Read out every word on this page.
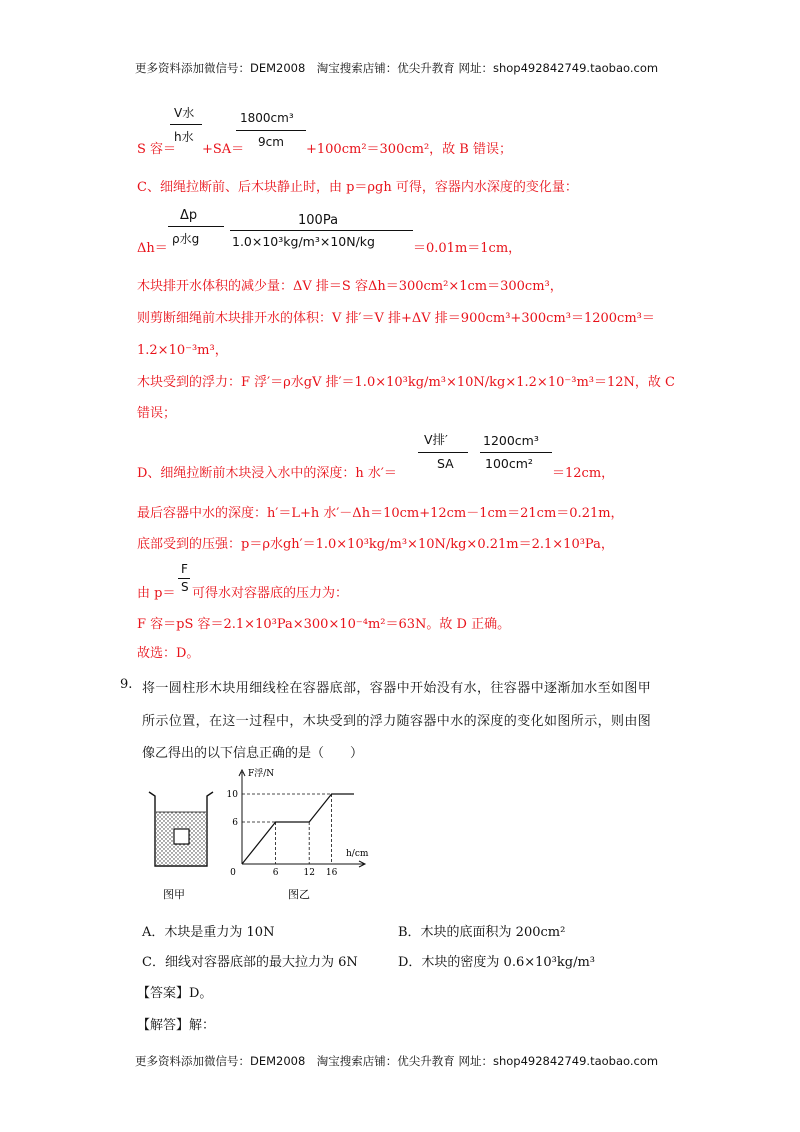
更多资料添加微信号：DEM2008　淘宝搜索店铺：优尖升教育 网址：shop492842749.taobao.com
V水
h水
1800cm³
9cm
S 容＝ +SA＝	+100cm²＝300cm²，故 B 错误；
C、细绳拉断前、后木块静止时，由 p＝ρgh 可得，容器内水深度的变化量：
Δp
ρ水g
100Pa
1.0×10³kg/m³×10N/kg
Δh＝	＝0.01m＝1cm，
木块排开水体积的减少量：ΔV 排＝S 容Δh＝300cm²×1cm＝300cm³，
则剪断细绳前木块排开水的体积：V 排′＝V 排+ΔV 排＝900cm³+300cm³＝1200cm³＝
1.2×10⁻³m³，
木块受到的浮力：F 浮′＝ρ水gV 排′＝1.0×10³kg/m³×10N/kg×1.2×10⁻³m³＝12N，故 C
错误；
V排′
SA
1200cm³
100cm²
D、细绳拉断前木块浸入水中的深度：h 水′＝	＝12cm，
最后容器中水的深度：h′＝L+h 水′－Δh＝10cm+12cm－1cm＝21cm＝0.21m，
底部受到的压强：p＝ρ水gh′＝1.0×10³kg/m³×10N/kg×0.21m＝2.1×10³Pa，
F
由 p＝ S 可得水对容器底的压力为：
F 容＝pS 容＝2.1×10³Pa×300×10⁻⁴m²＝63N。故 D 正确。
故选：D。
9. 将一圆柱形木块用细线栓在容器底部，容器中开始没有水，往容器中逐渐加水至如图甲
所示位置，在这一过程中，木块受到的浮力随容器中水的深度的变化如图所示，则由图
像乙得出的以下信息正确的是（　　）
图甲
0	6	12 16
6
10
h/cm
F浮/N
图乙
A．木块是重力为 10N	B．木块的底面积为 200cm²
C．细线对容器底部的最大拉力为 6N	D．木块的密度为 0.6×10³kg/m³
【答案】D。
【解答】解：
更多资料添加微信号：DEM2008　淘宝搜索店铺：优尖升教育 网址：shop492842749.taobao.com
